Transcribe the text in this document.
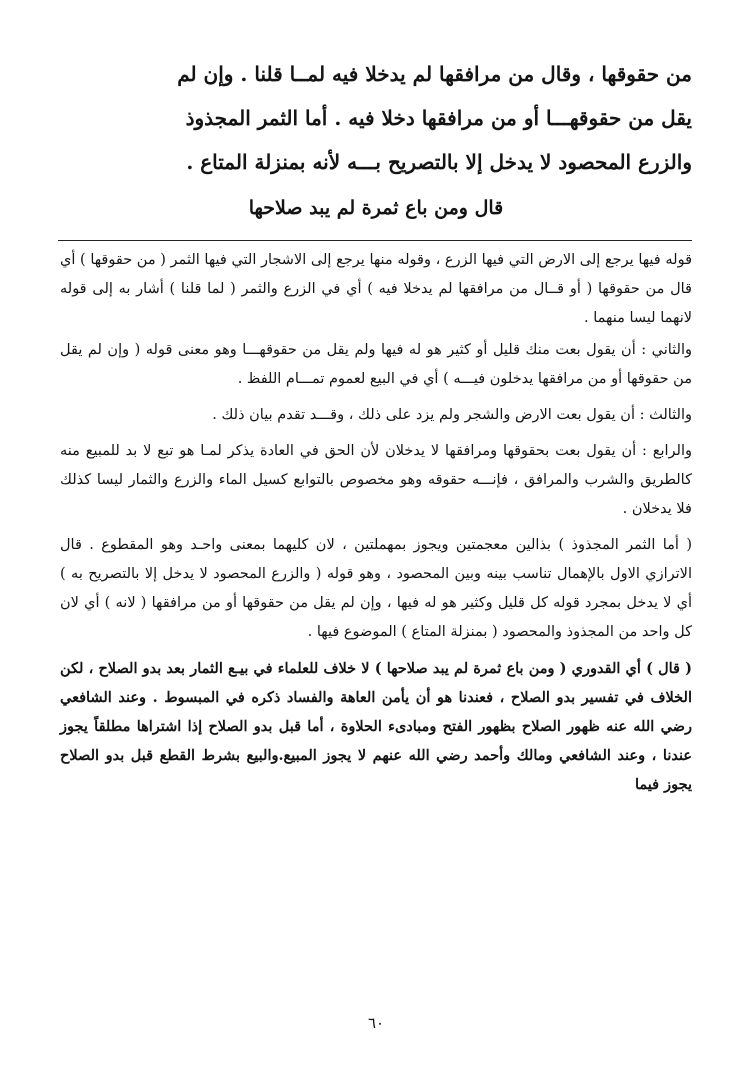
من حقوقها ، وقال من مرافقها لم يدخلا فيه لمــا قلنا . وإن لم

يقل من حقوقهـــا أو من مرافقها دخلا فيه . أما الثمر المجذوذ

والزرع المحصود لا يدخل إلا بالتصريح بـــه لأنه بمنزلة المتاع .

قال ومن باع ثمرة لم يبد صلاحها

قوله فيها يرجع إلى الارض التي فيها الزرع ، وقوله منها يرجع إلى الاشجار التي فيها الثمر ( من حقوقها ) أي قال من حقوقها ( أو قــال من مرافقها لم يدخلا فيه ) أي في الزرع والثمر ( لما قلنا ) أشار به إلى قوله لانهما ليسا منهما .

والثاني : أن يقول بعت منك قليل أو كثير هو له فيها ولم يقل من حقوقهـــا وهو معنى قوله ( وإن لم يقل من حقوقها أو من مرافقها يدخلون فيـــه ) أي في البيع لعموم تمـــام اللفظ .

والثالث : أن يقول بعت الارض والشجر ولم يزد على ذلك ، وقـــد تقدم بيان ذلك .

والرابع : أن يقول بعت بحقوقها ومرافقها لا يدخلان لأن الحق في العادة يذكر لمـا هو تبع لا بد للمبيع منه كالطريق والشرب والمرافق ، فإنـــه حقوقه وهو مخصوص بالتوابع كسيل الماء والزرع والثمار ليسا كذلك فلا يدخلان .

( أما الثمر المجذوذ ) بذالين معجمتين ويجوز بمهملتين ، لان كليهما بمعنى واحـد وهو المقطوع . قال الاترازي الاول بالإهمال تناسب بينه وبين المحصود ، وهو قوله ( والزرع المحصود لا يدخل إلا بالتصريح به ) أي لا يدخل بمجرد قوله كل قليل وكثير هو له فيها ، وإن لم يقل من حقوقها أو من مرافقها ( لانه ) أي لان كل واحد من المجذوذ والمحصود ( بمنزلة المتاع ) الموضوع فيها .

( قال ) أي القدوري ( ومن باع ثمرة لم يبد صلاحها ) لا خلاف للعلماء في بيـع الثمار بعد بدو الصلاح ، لكن الخلاف في تفسير بدو الصلاح ، فعندنا هو أن يأمن العاهة والفساد ذكره في المبسوط . وعند الشافعي رضي الله عنه ظهور الصلاح بظهور الفتح ومبادىء الحلاوة ، أما قبل بدو الصلاح إذا اشتراها مطلقاً يجوز عندنا ، وعند الشافعي ومالك وأحمد رضي الله عنهم لا يجوز المبيع.والبيع بشرط القطع قبل بدو الصلاح يجوز فيما

٦٠
